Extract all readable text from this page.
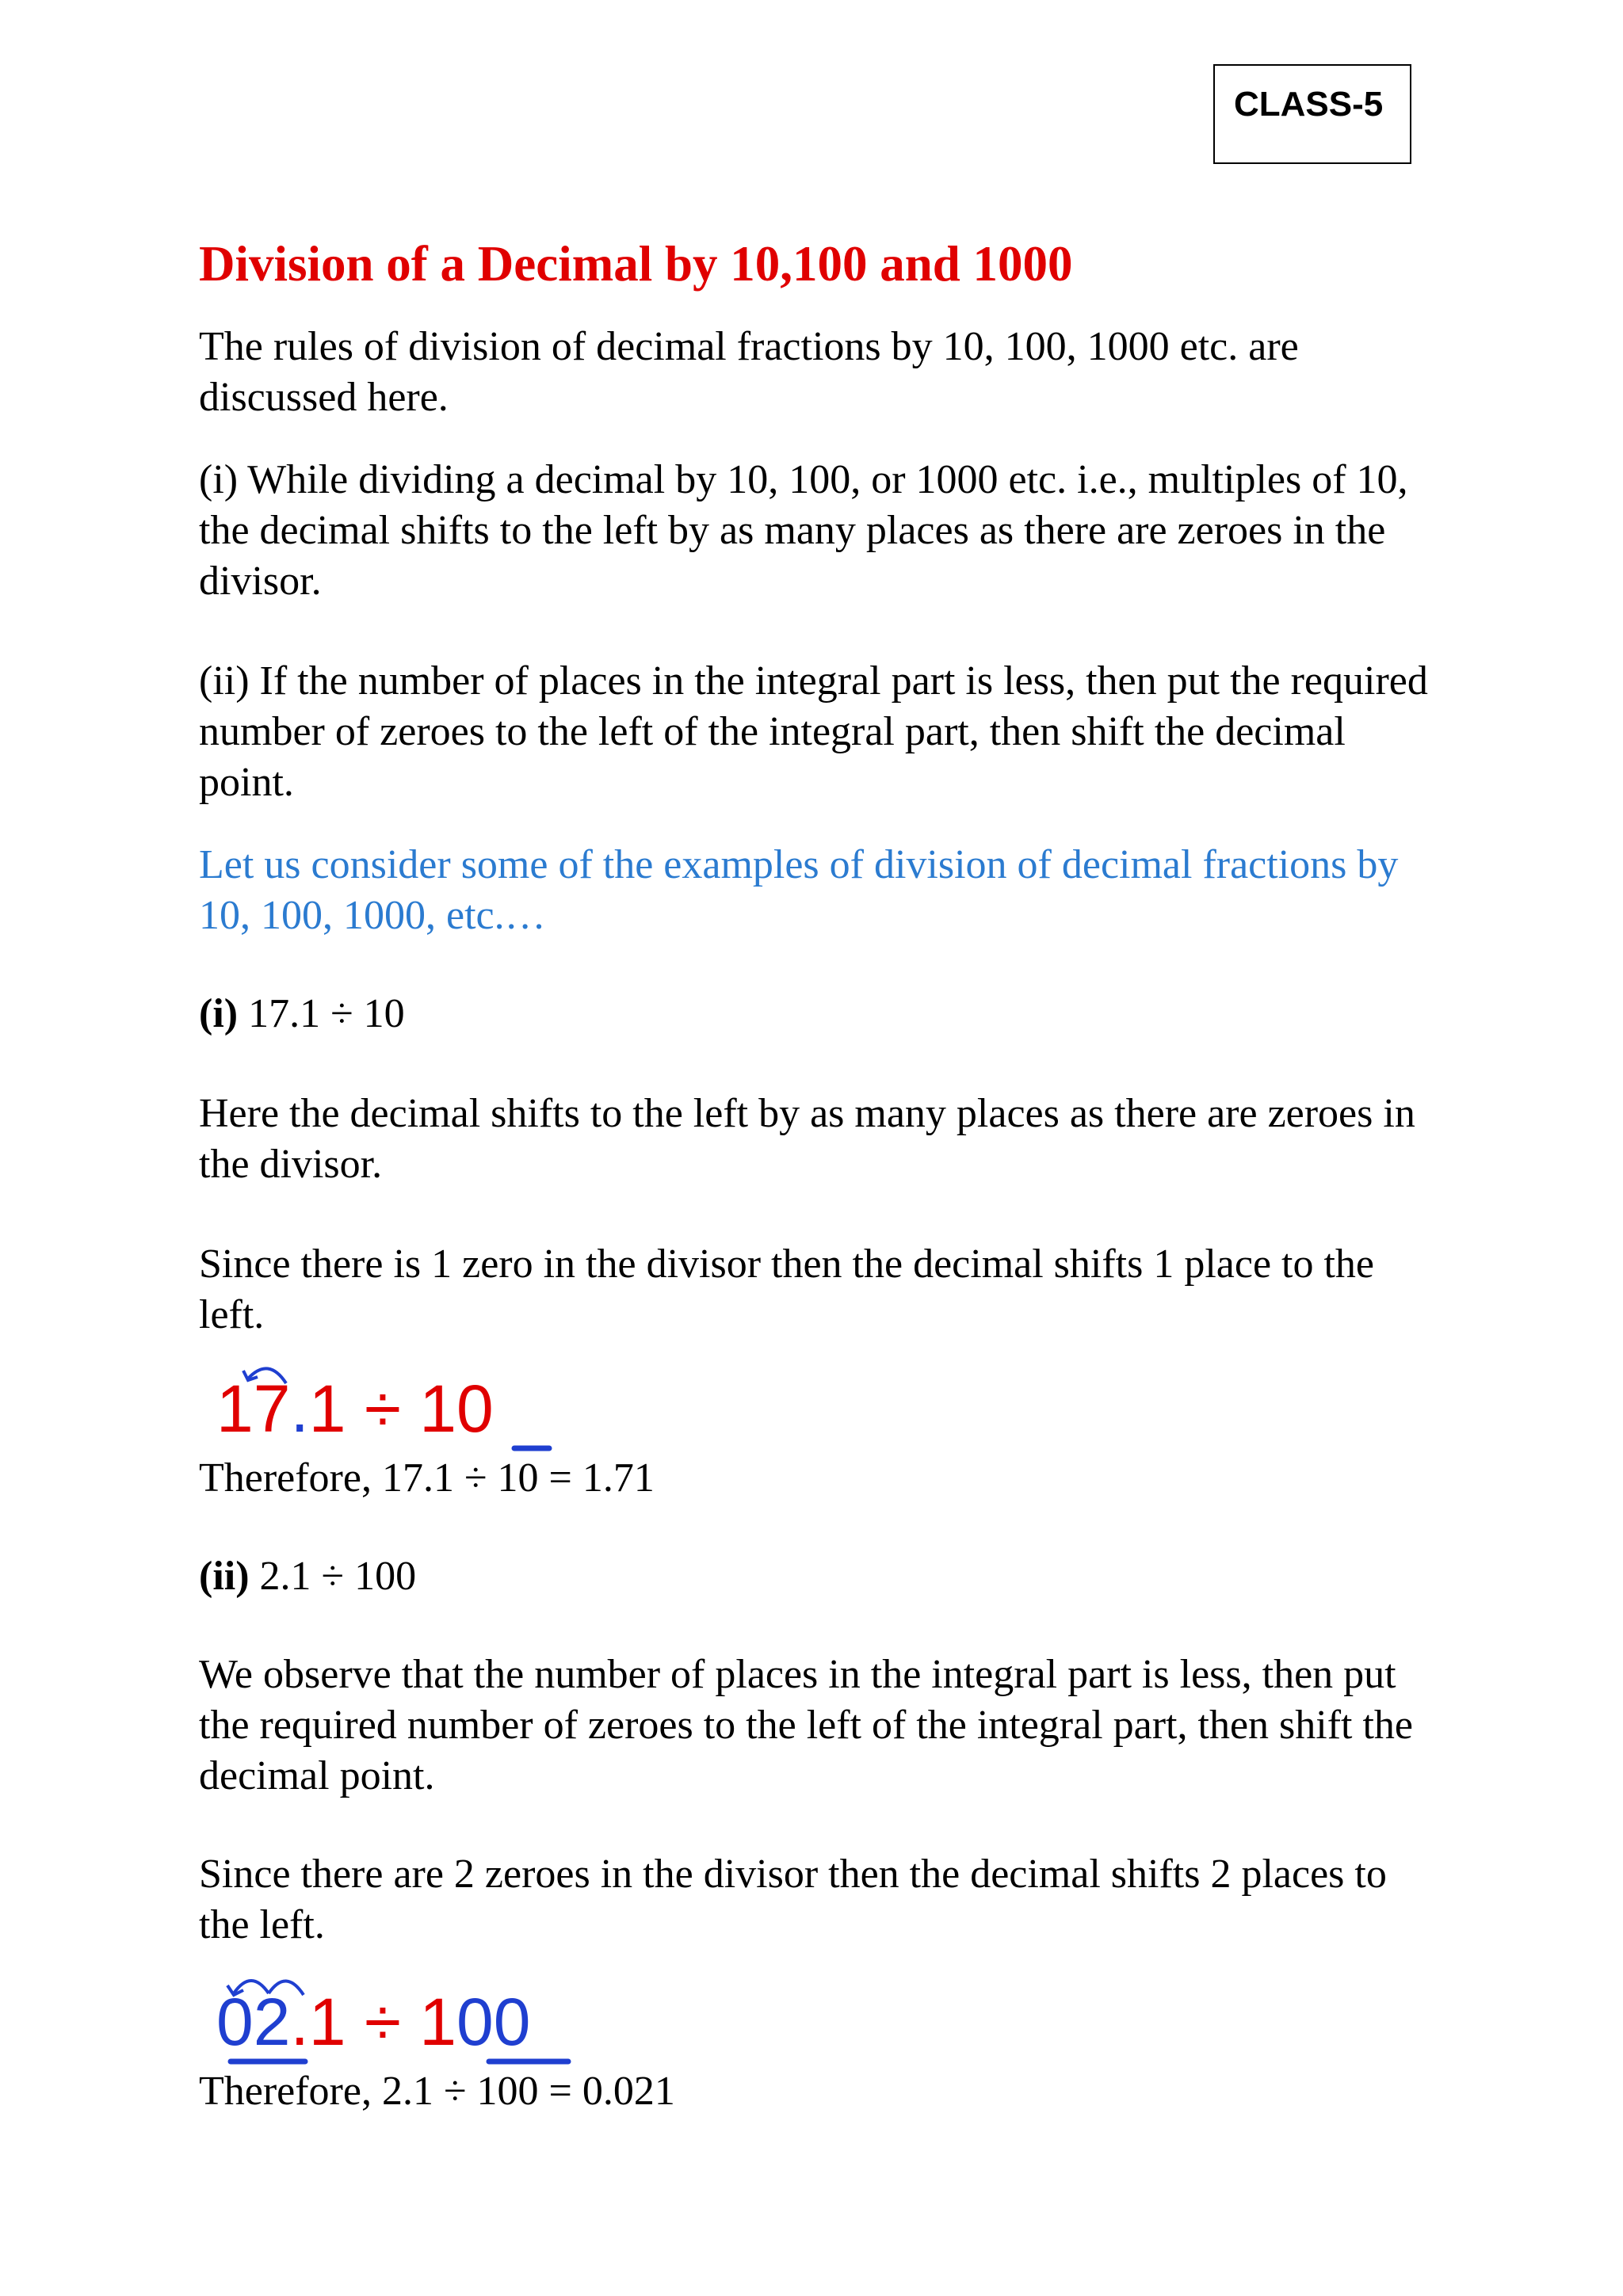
CLASS-5
Division of a Decimal by 10,100 and 1000

The rules of division of decimal fractions by 10, 100, 1000 etc. are discussed here.

(i) While dividing a decimal by 10, 100, or 1000 etc. i.e., multiples of 10, the decimal shifts to the left by as many places as there are zeroes in the divisor.

(ii) If the number of places in the integral part is less, then put the required number of zeroes to the left of the integral part, then shift the decimal point.

Let us consider some of the examples of division of decimal fractions by 10, 100, 1000, etc.…

(i) 17.1 ÷ 10

Here the decimal shifts to the left by as many places as there are zeroes in the divisor.

Since there is 1 zero in the divisor then the decimal shifts 1 place to the left.

17.1 ÷ 10

Therefore, 17.1 ÷ 10 = 1.71

(ii) 2.1 ÷ 100

We observe that the number of places in the integral part is less, then put the required number of zeroes to the left of the integral part, then shift the decimal point.

Since there are 2 zeroes in the divisor then the decimal shifts 2 places to the left.

02.1 ÷ 100

Therefore, 2.1 ÷ 100 = 0.021
